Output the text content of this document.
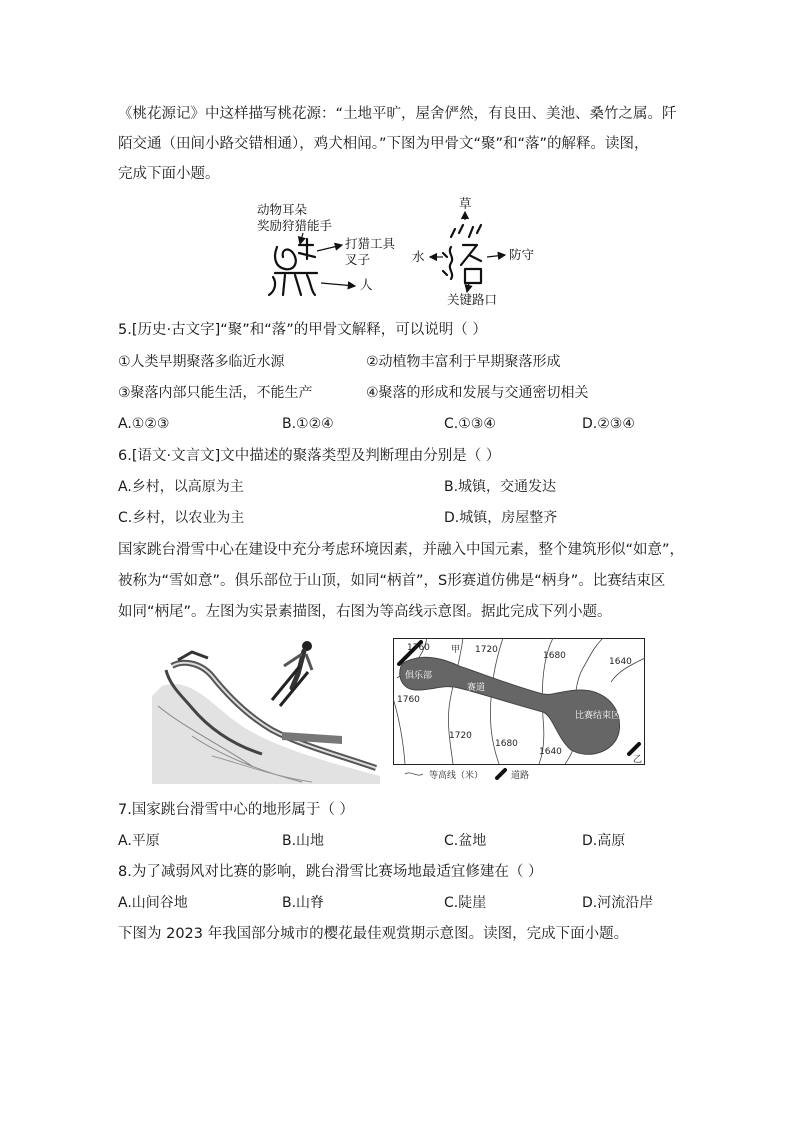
《桃花源记》中这样描写桃花源：“土地平旷，屋舍俨然，有良田、美池、桑竹之属。阡
陌交通（田间小路交错相通），鸡犬相闻。”下图为甲骨文“聚”和“落”的解释。读图，
完成下面小题。
动物耳朵
奖励狩猎能手
打猎工具
叉子
人
草
水	防守
关键路口
5.[历史·古文字]“聚”和“落”的甲骨文解释，可以说明（ ）
①人类早期聚落多临近水源	②动植物丰富利于早期聚落形成
③聚落内部只能生活，不能生产	④聚落的形成和发展与交通密切相关
A.①②③	B.①②④	C.①③④	D.②③④
6.[语文·文言文]文中描述的聚落类型及判断理由分别是（ ）
A.乡村，以高原为主	B.城镇，交通发达
C.乡村，以农业为主	D.城镇，房屋整齐
国家跳台滑雪中心在建设中充分考虑环境因素，并融入中国元素，整个建筑形似“如意”，
被称为“雪如意”。俱乐部位于山顶，如同“柄首”，S形赛道仿佛是“柄身”。比赛结束区
如同“柄尾”。左图为实景素描图，右图为等高线示意图。据此完成下列小题。
1760 甲 1720
1680
1640
俱乐部
赛道
比赛结束区
1760
1720
1680
1640
乙
等高线（米）	道路
7.国家跳台滑雪中心的地形属于（ ）
A.平原	B.山地	C.盆地	D.高原
8.为了减弱风对比赛的影响，跳台滑雪比赛场地最适宜修建在（ ）
A.山间谷地	B.山脊	C.陡崖	D.河流沿岸
下图为 2023 年我国部分城市的樱花最佳观赏期示意图。读图，完成下面小题。
